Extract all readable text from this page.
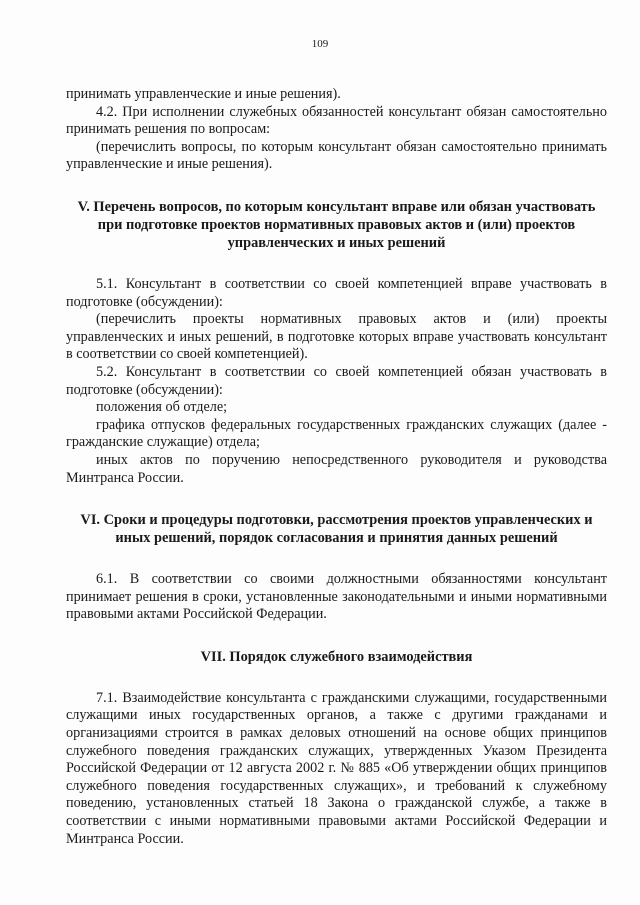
109

принимать управленческие и иные решения).

4.2. При исполнении служебных обязанностей консультант обязан самостоятельно принимать решения по вопросам:

(перечислить вопросы, по которым консультант обязан самостоятельно принимать управленческие и иные решения).

V. Перечень вопросов, по которым консультант вправе или обязан участвовать при подготовке проектов нормативных правовых актов и (или) проектов управленческих и иных решений

5.1. Консультант в соответствии со своей компетенцией вправе участвовать в подготовке (обсуждении):

(перечислить проекты нормативных правовых актов и (или) проекты управленческих и иных решений, в подготовке которых вправе участвовать консультант в соответствии со своей компетенцией).

5.2. Консультант в соответствии со своей компетенцией обязан участвовать в подготовке (обсуждении):

положения об отделе;

графика отпусков федеральных государственных гражданских служащих (далее - гражданские служащие) отдела;

иных актов по поручению непосредственного руководителя и руководства Минтранса России.

VI. Сроки и процедуры подготовки, рассмотрения проектов управленческих и иных решений, порядок согласования и принятия данных решений

6.1. В соответствии со своими должностными обязанностями консультант принимает решения в сроки, установленные законодательными и иными нормативными правовыми актами Российской Федерации.

VII. Порядок служебного взаимодействия

7.1. Взаимодействие консультанта с гражданскими служащими, государственными служащими иных государственных органов, а также с другими гражданами и организациями строится в рамках деловых отношений на основе общих принципов служебного поведения гражданских служащих, утвержденных Указом Президента Российской Федерации от 12 августа 2002 г. № 885 «Об утверждении общих принципов служебного поведения государственных служащих», и требований к служебному поведению, установленных статьей 18 Закона о гражданской службе, а также в соответствии с иными нормативными правовыми актами Российской Федерации и Минтранса России.
